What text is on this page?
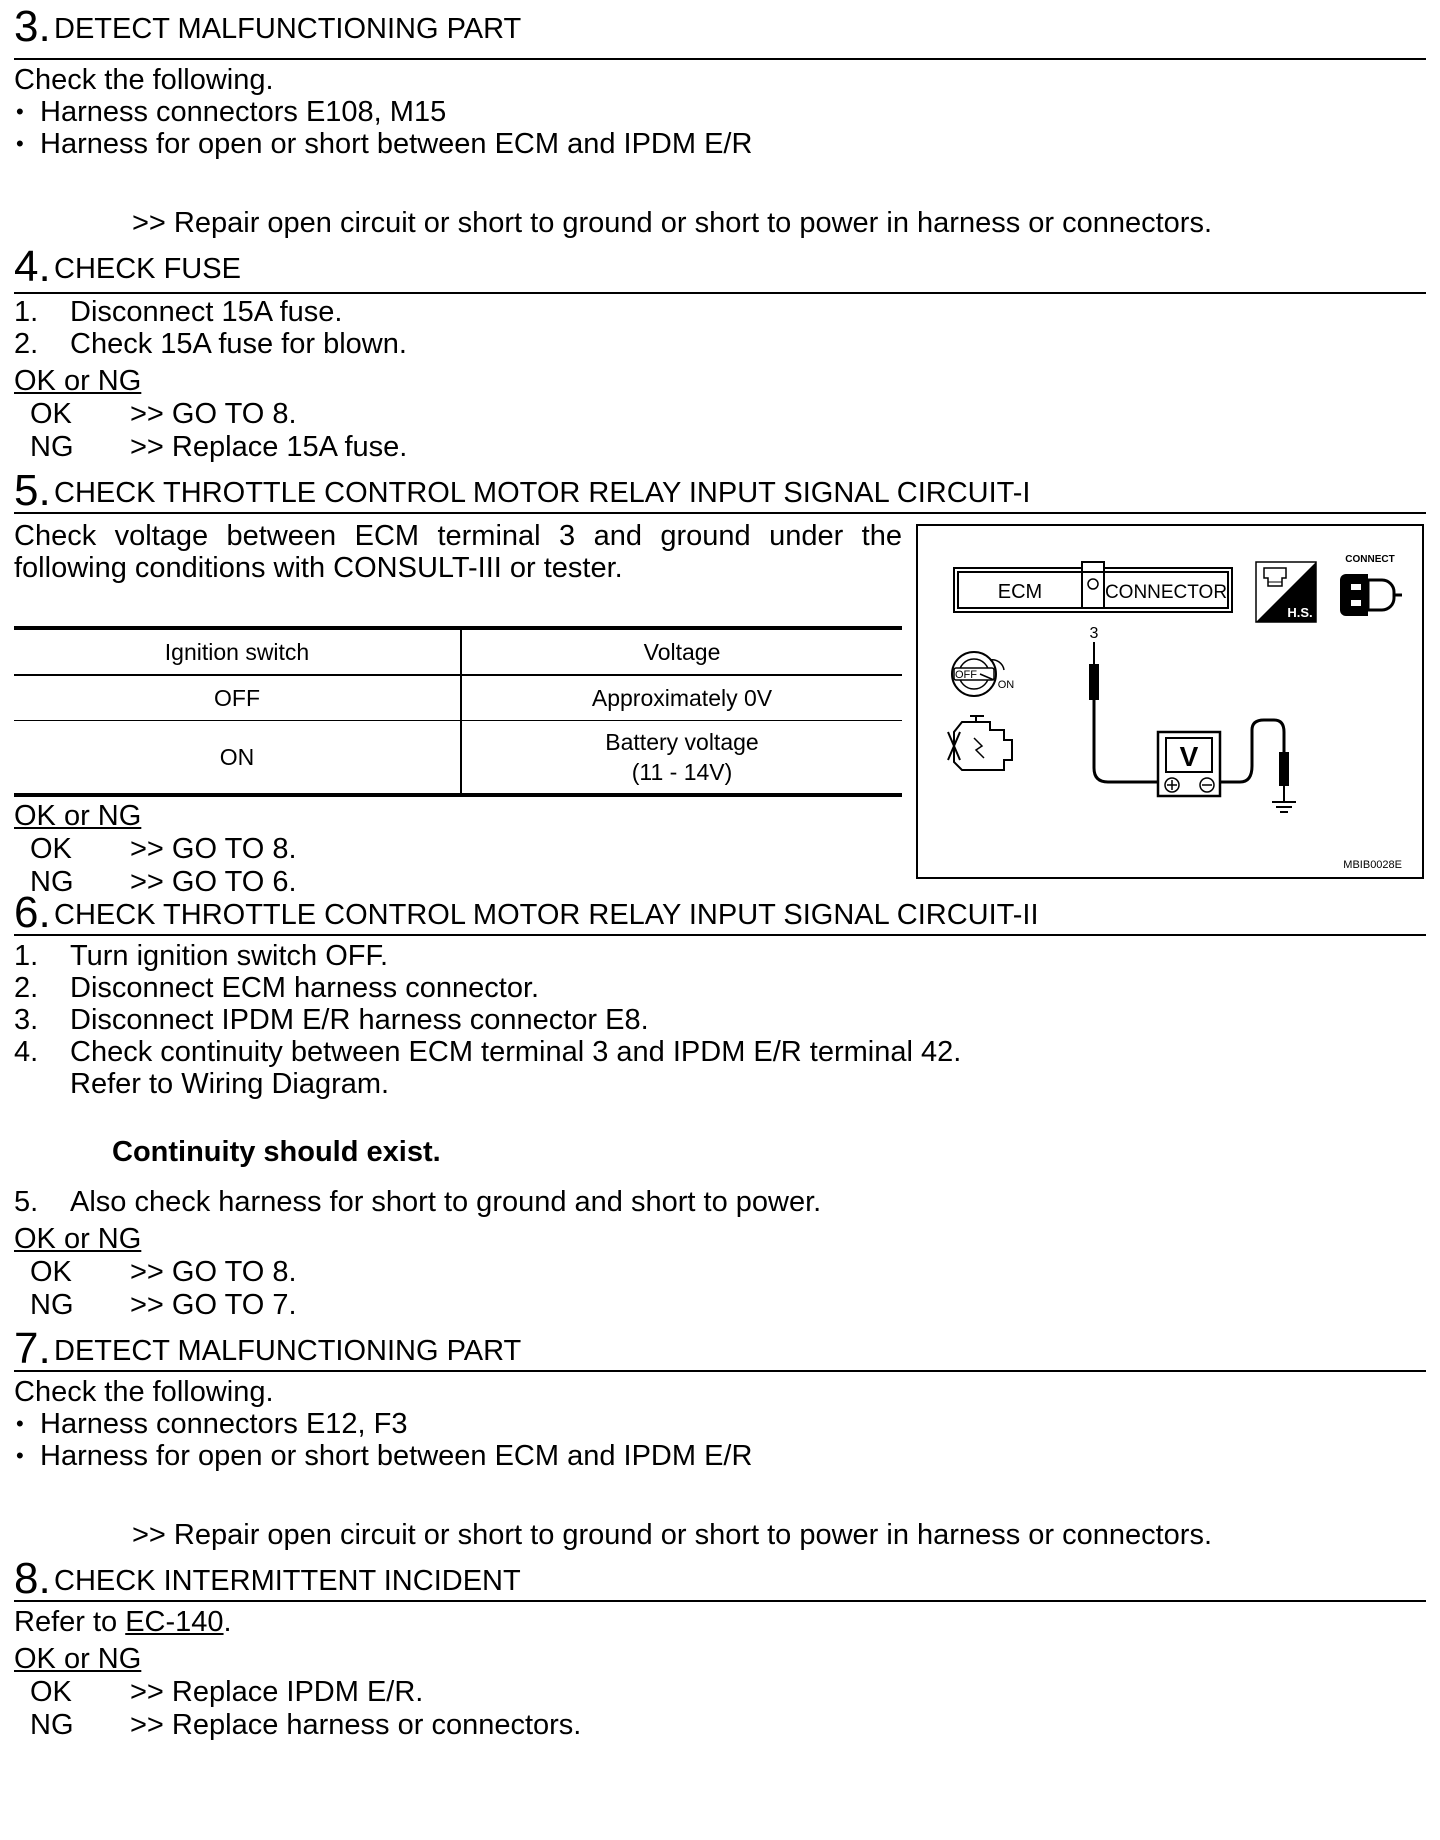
3. DETECT MALFUNCTIONING PART
Check the following.
• Harness connectors E108, M15
• Harness for open or short between ECM and IPDM E/R
>> Repair open circuit or short to ground or short to power in harness or connectors.
4. CHECK FUSE
1.	Disconnect 15A fuse.
2.	Check 15A fuse for blown.
OK or NG
OK	>> GO TO 8.
NG	>> Replace 15A fuse.
5. CHECK THROTTLE CONTROL MOTOR RELAY INPUT SIGNAL CIRCUIT-I
Check voltage between ECM terminal 3 and ground under the following conditions with CONSULT-III or tester.
Ignition switch	Voltage
OFF	Approximately 0V
ON	Battery voltage
(11 - 14V)
OK or NG
OK	>> GO TO 8.
NG	>> GO TO 6.
ECM	CONNECTOR
H.S.
CONNECT
3
V
OFF
ON
MBIB0028E
6. CHECK THROTTLE CONTROL MOTOR RELAY INPUT SIGNAL CIRCUIT-II
1.	Turn ignition switch OFF.
2.	Disconnect ECM harness connector.
3.	Disconnect IPDM E/R harness connector E8.
4.	Check continuity between ECM terminal 3 and IPDM E/R terminal 42.
Refer to Wiring Diagram.
Continuity should exist.
5.	Also check harness for short to ground and short to power.
OK or NG
OK	>> GO TO 8.
NG	>> GO TO 7.
7. DETECT MALFUNCTIONING PART
Check the following.
• Harness connectors E12, F3
• Harness for open or short between ECM and IPDM E/R
>> Repair open circuit or short to ground or short to power in harness or connectors.
8. CHECK INTERMITTENT INCIDENT
Refer to EC-140.
OK or NG
OK	>> Replace IPDM E/R.
NG	>> Replace harness or connectors.
